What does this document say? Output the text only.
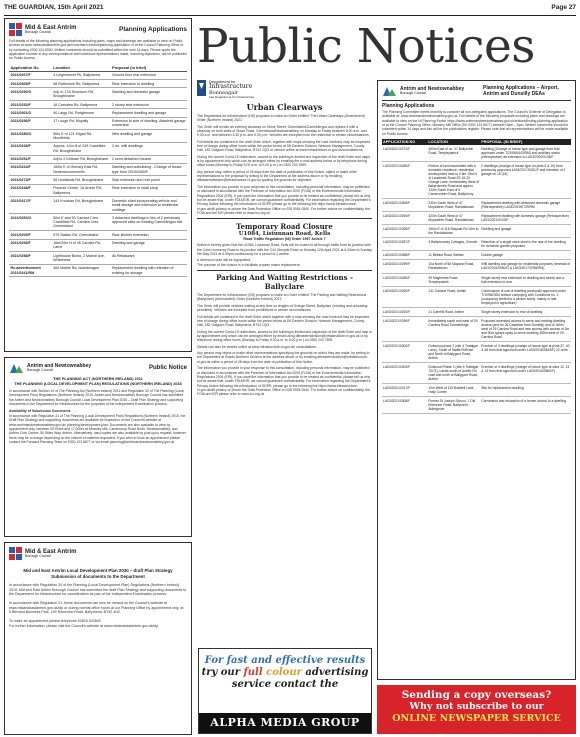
THE GUARDIAN, 15th April 2021	Page 27
Mid & East Antrim
Borough Council	Planning Applications

Full details of the following planning applications including plans, maps and drawings are available to view on Public Access at www.midandeastantrim.gov.uk/ni/northern-ireland/planning-application or at the Council Planning Office or by contacting 0300 124 5000. Written comments should be submitted within the next 14 days. Please quote the application number in any correspondence and individual representations made, including objections, will be published on Public Access.

Application No	Location	Proposal (in brief)
2021/0267/F	4 Leighinmohr Pk, Ballymena	Ground floor rear extension
2021/0305/F	58 Raithmore Rd, Ballymena	Rear extension to dwelling
2021/0290/O	Adj. to 17A Drumsurn Rd, Broughshane	Dwelling and domestic garage
2021/0252/F	16 Carnalea Rd, Ballymena	2 storey side extension
2021/0301/O	90 Largy Rd, Portglenone	Replacement dwelling and garage
2021/0296/F	17 Lough Rd, Moyalty	Extension to side of dwelling. Attached garage conversion
2021/0280/O	50m E of 121 Kilgad Rd, Moorfields	New dwelling and garage
2021/0228/F	Approx. 10m N of 249 Crankfield Rd, Broughshane	2 no. infill dwellings
2021/0251/F	Adj to 2 Kintown Rd, Broughshane	2 semi-detached houses
2021/0224/F	160m E of Glenary East Rd, Newtowncrommelin	Dwelling and outbuilding - Change of house type from 2019/0360/F
2021/0273/F	55 Huntlands Rd, Broughshane	Side extension and rear porch
2021/0248/F	Phoenix Centre, 1A Archie Rd, Ballymena	Rear extension to retail shop
2021/0317/F	144 Knockan Rd, Broughshane	Domestic shed incorporating vehicle and small storage and extension to residential curtilage
2021/0260/O	50m E and 50 Carnlea Cres. Crankfield Rd, Carnlea Cres. Greenisland	3 detached dwellings in lieu of 2 previously approved sites on existing Carrickfergus site
2021/0209/F	979 Station Rd, Greenisland	Rear kitchen extension
2021/0293/F	16m/20m N of 45 Carnlea Rd, Larne	Dwelling and garage
2021/0298/F	Lighthouse Bistro, 2 Marine Ave, Whitehead	All Restaurant
Re-advertisement 2021/0241/RM	463 Mobile Rd, Islandmagee	Replacement dwelling with retention of existing for storage
Antrim and Newtownabbey
Borough Council	Public Notice

THE PLANNING ACT (NORTHERN IRELAND) 2011

THE PLANNING (LOCAL DEVELOPMENT PLAN) REGULATIONS (NORTHERN IRELAND) 2015

In accordance with Section 10 of The Planning Act (Northern Ireland) 2011 and Regulation 32 of The Planning (Local Development Plan) Regulations (Northern Ireland) 2015, Antrim and Newtownabbey Borough Council has submitted the Antrim and Newtownabbey Borough Council Local Development Plan 2030 – Draft Plan Strategy and supporting documents to the Department for Infrastructure for the purposes of the Independent Examination process.

Availability of Submission Documents

In accordance with Regulation 21 of The Planning (Local Development Plan) Regulations (Northern Ireland) 2015, the Draft Plan Strategy and supporting documents are available for inspection on the Council's website at www.antrimandnewtownabbey.gov.uk/ planning/development-plan. Documents are also available to view by appointment only, between 09:00hrs and 17:00hrs at Mossley Mill, Carnmoney Road North, Newtownabbey, and Antrim Civic Centre, 50 Stiles Way, Antrim. Alternatively, hard copies are also available by post upon request; however there may be a charge depending on the volume of material requested. If you wish to book an appointment please contact the Forward Planning Team on 0300 123 6677 or via email planning@antrimandnewtownabbey.gov.uk.

Mid & East Antrim
Borough Council

Mid and East Antrim Local Development Plan 2030 – draft Plan Strategy

Submission of documents to the Department

In accordance with Regulation 20 of the Planning (Local Development Plan) Regulations (Northern Ireland) 2015, Mid and East Antrim Borough Council has submitted the draft Plan Strategy and supporting documents to the Department for Infrastructure for consideration as part of the Independent Examination process.

In accordance with Regulation 21, these documents can now be viewed on the Council's website at www.midandeastantrim.gov.uk/ldp or during normal office hours at our Planning Office by appointment only, at: 5 Bernard Business Park, 190 Raceview Road, Ballymena, BT42 4HZ.

To make an appointment please telephone 02825 633500

For further information, please visit the Council's website at www.midandeastantrim.gov.uk/ldp

Public Notices
Department for
Infrastructure
Bonneagair
Fae Depairtment fur Infrastructure
Urban Clearways

The Department for Infrastructure (DfI) proposes to make an Order entitled 'The Urban Clearways (Amendment) Order (Northern Ireland) 2021'.

The Order will revoke an evening clearway on Shore Street, Greenisland/Carrickfergus and replace it with a clearway on both sides of Shore Road, Greenisland/Newtownabbey, on Monday to Friday between 8.00 a.m. and 9.30 a.m. and between 3.30 p.m. and 6.00 p.m. Vehicles are excepted from the restriction in certain circumstances.

Full details are contained in the draft Order which, together with maps showing the road involved, may be inspected free of charge during office hours within the period below at DfI Eastern Division, Network Management, County Hall, 182 Galgorm Road, Ballymena, BT42 1QG or viewed online at www.infrastructure-ni.gov.uk/consultations.

During the current Covid-19 restrictions, access to the building is limited and inspection of the draft Order and maps is by appointment only which can be arranged either by emailing the e-mail address below or by telephone during office hours (Monday to Friday 9.00 a.m. to 5.00 p.m.) on 0300 200 7899.

Any person may, within a period of 28 days from the date of publication of this Notice, object or make other representations to the proposal by writing to the Department at the address above or by emailing dfieasterndivision@infrastructure-ni.gov.uk quoting the grounds for objection.

The information you provide in your response to this consultation, including personal information, may be published or disclosed in accordance with the Freedom of Information Act 2000 (FOIA) or the Environmental Information Regulations 2004 (EIR). If you want the information that you provide to be treated as confidential, please tell us why, but be aware that, under FOIA/EIR, we cannot guarantee confidentiality. For information regarding the Department's Privacy Notice following the introduction of GDPR please go to the following link https://www.infrastructure-ni.gov.uk/dfi-privacy or phone the Data Protection Office on 028 9054 0540. For further advice on confidentiality, the FOIA and the EIR please refer to www.ico.org.uk

Temporary Road Closure
U1084, Lisiunnan Road, Kells
Road Traffic Regulation (NI) Order 1997 Article 7

Notice is hereby given that the U1084, Lisiunnan Road, Kells will be closed to all through traffic from its junction with the Calm Lismurray Road to its junction with the C44 Glenpile Road on Monday 12th April 2021 at 6.00am to Sunday 9th May 2021 at 6.00pm continuously for a period of 4 weeks.

A diversion route will be signposted.

The purpose of the closure is to facilitate a water mains replacement.

Parking And Waiting Restrictions - Ballyclare

The Department for Infrastructure (DfI) proposes to make an Order entitled 'The Parking and Waiting Restrictions (Ballyclare) (Amendment) Order (Northern Ireland) 2021'.

The Order will prohibit vehicles waiting at any time on lengths of Grange Street, Ballyclare (existing and unloading permitted). Vehicles are excepted from prohibitions in certain circumstances.

Full details are contained in the draft Order which together with a map showing the road involved may be inspected free of charge during office hours within the period below at DfI Eastern Division, Network Management, County Hall, 182 Galgorm Road, Ballymena, BT42 1QG.

During the current Covid-19 restrictions, access to the building is limited and inspection of the draft Order and map is by appointment only which can be arranged either by email using dfieasterndivision@infrastructure-ni.gov.uk or by telephone during office hours (Monday to Friday 9.00 a.m. to 5.00 p.m.) on 0300 200 7899.

Details can also be viewed online at www.infrastructure-ni.gov.uk/ consultations.

Any person may object or make other representations specifying the grounds on which they are made, by writing to the Department at Roads Northern Division at the address above or by emailing dfieasterndivision@infrastructure-ni.gov.uk within a period of 28 days from the date of publication of this Notice.

The information you provide in your response to this consultation, including personal information, may be published or disclosed in accordance with the Freedom of Information Act 2000 (FOIA) or the Environmental Information Regulations 2004 (EIR). If you want the information that you provide to be treated as confidential, please tell us why but be aware that, under FOIA/EIR, we cannot guarantee confidentiality. For information regarding the Department's Privacy Notice following the introduction of GDPR, please go to the following link https://www.infrastructure-ni.gov.uk/dfi-privacy or phone the Data Protection Office on 028 9054 0540. For further advice on confidentiality, the FOIA and EIR please refer to www.ico.org.uk

For fast and effective results
try our full colour advertising
service contact the
ALPHA MEDIA GROUP
Antrim and Newtownabbey
Borough Council
Planning Applications – Airport, Antrim and Dunsilly DEAs

Planning Applications

The Planning Committee meets monthly to consider all non-delegated applications. The Council's Scheme of Delegation is available at: www.antrimandnewtownabbey.gov.uk. Full details of the following proposals including plans and drawings are available to view on the NI Planning Portal: https://www.antrimandnewtownabbey.gov.uk/articles/finding-planning-application or at the Council Planning Office, Mossley Mill Office (Tel 0300 123 6677) between 9am – 5pm. Written comments should be submitted within 14 days and this will be the publications register. Please note that all representations will be made available on Public Access.

APPLICATION NO	LOCATION	PROPOSAL (IN BRIEF)
LA03/2021/0274/F	400m East of no. 27 Ballyrobin Road, Templepatrick	Dwelling (Change of house type and garage from that approved under T/2005/0443/RM) and ancillary works (retrospective) as extension to LA03/2020/0106/F
LA03/2021/0285/F	Portion of land associated with a domestic residence, residential development land to 0.6m 15m N of Landmark Road ZS 16-20 Grange Lane, immediately West of Ballyrobertie Road and approx. 120m South East of 6 Carnmoneen Road, Ballyhenry	2 dwellings (change of house type on plots 6 & 10) from previously approved LA03/2017/0051/F and retention of 2 garage on 18 (18)
LA03/2021/0308/F	230m South West of 47 Moyvaleen Road, Randalstown	Replacement dwelling with detached domestic garage (Retrospective) LA03/2019/0729/RM
LA03/2021/0294/F	320m South West of 47 Moyvaleen Road, Randalstown	Replacement dwelling with domestic garage (Retrospective) LA03/2021/0103/F
LA03/2021/0298/F	190m E of 116 Staysad Rd 15m to the Randalstown	Dwelling and garage
LA03/2021/0287/F	3 Ballymooney Cottages, Crumlin	Retention of a single store shed to the rear of the dwelling for domestic garden purposes
LA03/2021/0288/F	11 Belfast Road, Belfast	Double garage
LA03/2021/0299/F	10a North of 58 Mayland Road, Randalstown	Infill dwelling and garage for residential purposes (renewal of LA03/2016/0960/O & LA03/2017/0786/RM)
LA03/2021/0285/F	39 Magherlea Road, Templepatrick	Single storey rear extension to dwelling and storey and a half extension to rear
LA03/2021/0290/F	131 Carlane Road, Antrim	Continuance of use of dwelling previously approved under T/1996/0384 without complying with Conditions no. 2 (occupancy limited to a person solely, mainly or last employed in agriculture)
LA03/2021/0293/F	21 Carnhill Road, Antrim	Single storey extension to rear of dwelling
LA03/2021/0296/F	Immediately south and west of 29 Carnlea Road Toomebridge	Proposed amended access to serve and existing dwelling access (and for 26 Castleton from Dunsilly) and of 160m west of 29 Carnlea Road and new access with access of 2m and 90m splays splay to serve dwelling 355m west of 29 Carnlea Road
LA03/2021/0300/F	Outwood phase 2 (site 4 Trafalgar Lane), South of Staffa Rd/East and North of Ballygore Road, Antrim	Erection of 4 dwellings (change of house type at plots 27, 40 & 48 from that approved under LA03/2016/0843/F) 22 units
LA03/2021/0303/F	Outwood Phase 2 (site 6 Trafalgar 70/71), Lands south of Antrim Rd road and north of Ballygore Road, Antrim	Erection of 4 dwellings (change of house type at sites 12, 13 & 14 from that approved under LA03/2016/0800/F)
LA03/2021/0317/F	10m West of 119 Bullsfell Lane, Holly Corner	Site for replacement dwelling
LA03/2021/0308/F	Former St Joseph School, 1 Old Ebenezer Road, Ballyrobin, Aldergrove	Conversion and relocation of a former school to a dwelling
Sending a copy overseas?
Why not subscribe to our
ONLINE NEWSPAPER SERVICE
